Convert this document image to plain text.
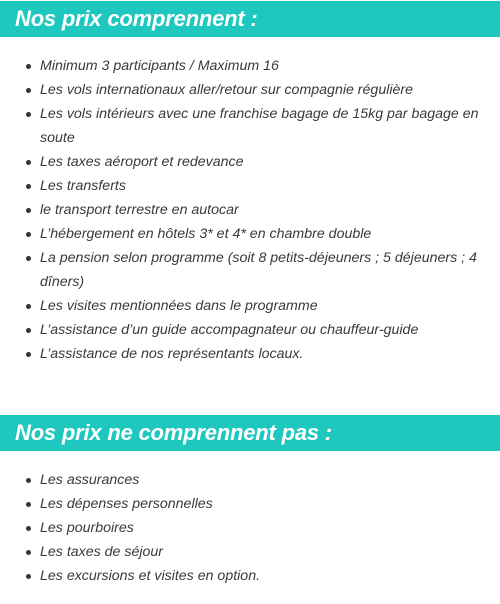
Nos prix comprennent :
Minimum 3 participants / Maximum 16
Les vols internationaux aller/retour sur compagnie régulière
Les vols intérieurs avec une franchise bagage de 15kg par bagage en soute
Les taxes aéroport et redevance
Les transferts
le transport terrestre en autocar
L’hébergement en hôtels 3* et 4* en chambre double
La pension selon programme (soit 8 petits-déjeuners ; 5 déjeuners ; 4 dîners)
Les visites mentionnées dans le programme
L’assistance d’un guide accompagnateur ou chauffeur-guide
L’assistance de nos représentants locaux.
Nos prix ne comprennent pas :
Les assurances
Les dépenses personnelles
Les pourboires
Les taxes de séjour
Les excursions et visites en option.
